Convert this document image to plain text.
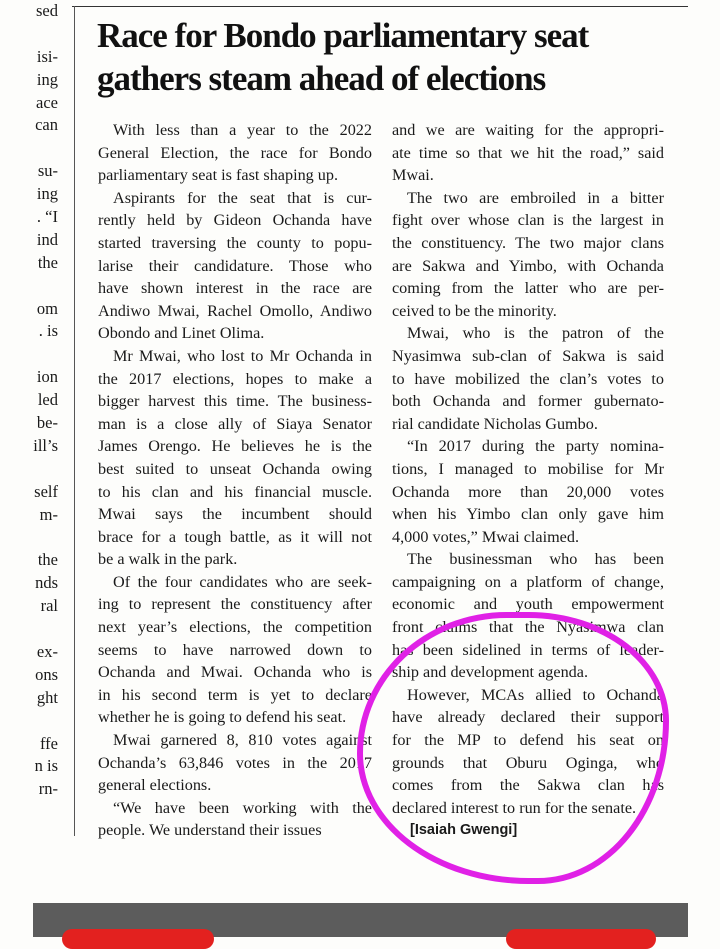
sed
isi-
ing
ace
can
su-
ing
. “I
ind
the
om
. is
ion
led
be-
ill’s
self
m-
the
nds
ral
ex-
ons
ght
ffe
n is
rn-
Race for Bondo parliamentary seat
gathers steam ahead of elections
With less than a year to the 2022
General Election, the race for Bondo
parliamentary seat is fast shaping up.
Aspirants for the seat that is cur-
rently held by Gideon Ochanda have
started traversing the county to popu-
larise their candidature. Those who
have shown interest in the race are
Andiwo Mwai, Rachel Omollo, Andiwo
Obondo and Linet Olima.
Mr Mwai, who lost to Mr Ochanda in
the 2017 elections, hopes to make a
bigger harvest this time. The business-
man is a close ally of Siaya Senator
James Orengo. He believes he is the
best suited to unseat Ochanda owing
to his clan and his financial muscle.
Mwai says the incumbent should
brace for a tough battle, as it will not
be a walk in the park.
Of the four candidates who are seek-
ing to represent the constituency after
next year’s elections, the competition
seems to have narrowed down to
Ochanda and Mwai. Ochanda who is
in his second term is yet to declare
whether he is going to defend his seat.
Mwai garnered 8, 810 votes against
Ochanda’s 63,846 votes in the 2017
general elections.
“We have been working with the
people. We understand their issues
and we are waiting for the appropri-
ate time so that we hit the road,” said
Mwai.
The two are embroiled in a bitter
fight over whose clan is the largest in
the constituency. The two major clans
are Sakwa and Yimbo, with Ochanda
coming from the latter who are per-
ceived to be the minority.
Mwai, who is the patron of the
Nyasimwa sub-clan of Sakwa is said
to have mobilized the clan’s votes to
both Ochanda and former gubernato-
rial candidate Nicholas Gumbo.
“In 2017 during the party nomina-
tions, I managed to mobilise for Mr
Ochanda more than 20,000 votes
when his Yimbo clan only gave him
4,000 votes,” Mwai claimed.
The businessman who has been
campaigning on a platform of change,
economic and youth empowerment
front claims that the Nyasimwa clan
has been sidelined in terms of leader-
ship and development agenda.
However, MCAs allied to Ochanda
have already declared their support
for the MP to defend his seat on
grounds that Oburu Oginga, who
comes from the Sakwa clan has
declared interest to run for the senate.
[Isaiah Gwengi]
